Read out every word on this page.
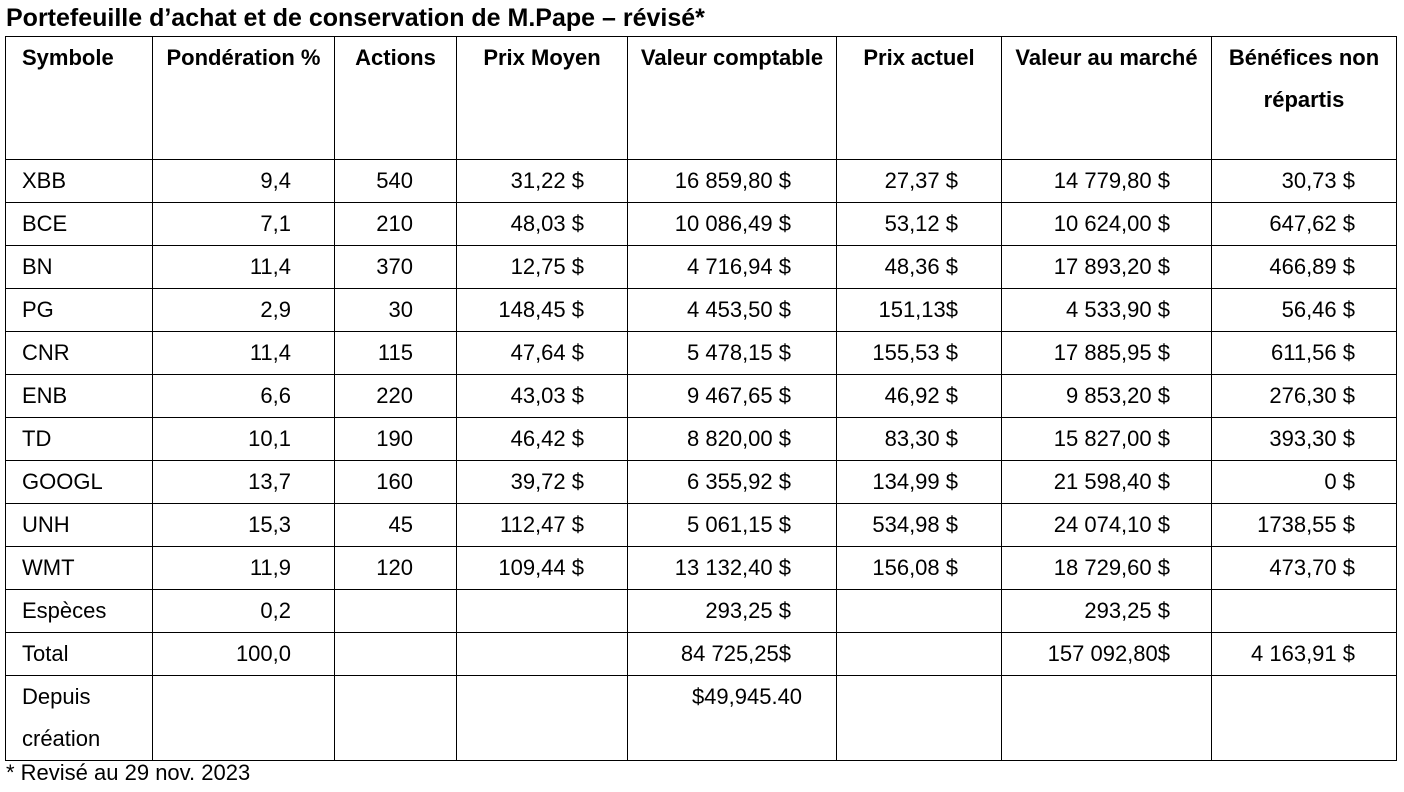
Portefeuille d’achat et de conservation de M.Pape – révisé*
Symbole	Pondération %	Actions	Prix Moyen	Valeur comptable	Prix actuel	Valeur au marché	Bénéfices non répartis
XBB	9,4	540	31,22 $	16 859,80 $	27,37 $	14 779,80 $	30,73 $
BCE	7,1	210	48,03 $	10 086,49 $	53,12 $	10 624,00 $	647,62 $
BN	11,4	370	12,75 $	4 716,94 $	48,36 $	17 893,20 $	466,89 $
PG	2,9	30	148,45 $	4 453,50 $	151,13$	4 533,90 $	56,46 $
CNR	11,4	115	47,64 $	5 478,15 $	155,53 $	17 885,95 $	611,56 $
ENB	6,6	220	43,03 $	9 467,65 $	46,92 $	9 853,20 $	276,30 $
TD	10,1	190	46,42 $	8 820,00 $	83,30 $	15 827,00 $	393,30 $
GOOGL	13,7	160	39,72 $	6 355,92 $	134,99 $	21 598,40 $	0 $
UNH	15,3	45	112,47 $	5 061,15 $	534,98 $	24 074,10 $	1738,55 $
WMT	11,9	120	109,44 $	13 132,40 $	156,08 $	18 729,60 $	473,70 $
Espèces	0,2			293,25 $		293,25 $	
Total	100,0			84 725,25$		157 092,80$	4 163,91 $
Depuis création				$49,945.40			
* Revisé au 29 nov. 2023
